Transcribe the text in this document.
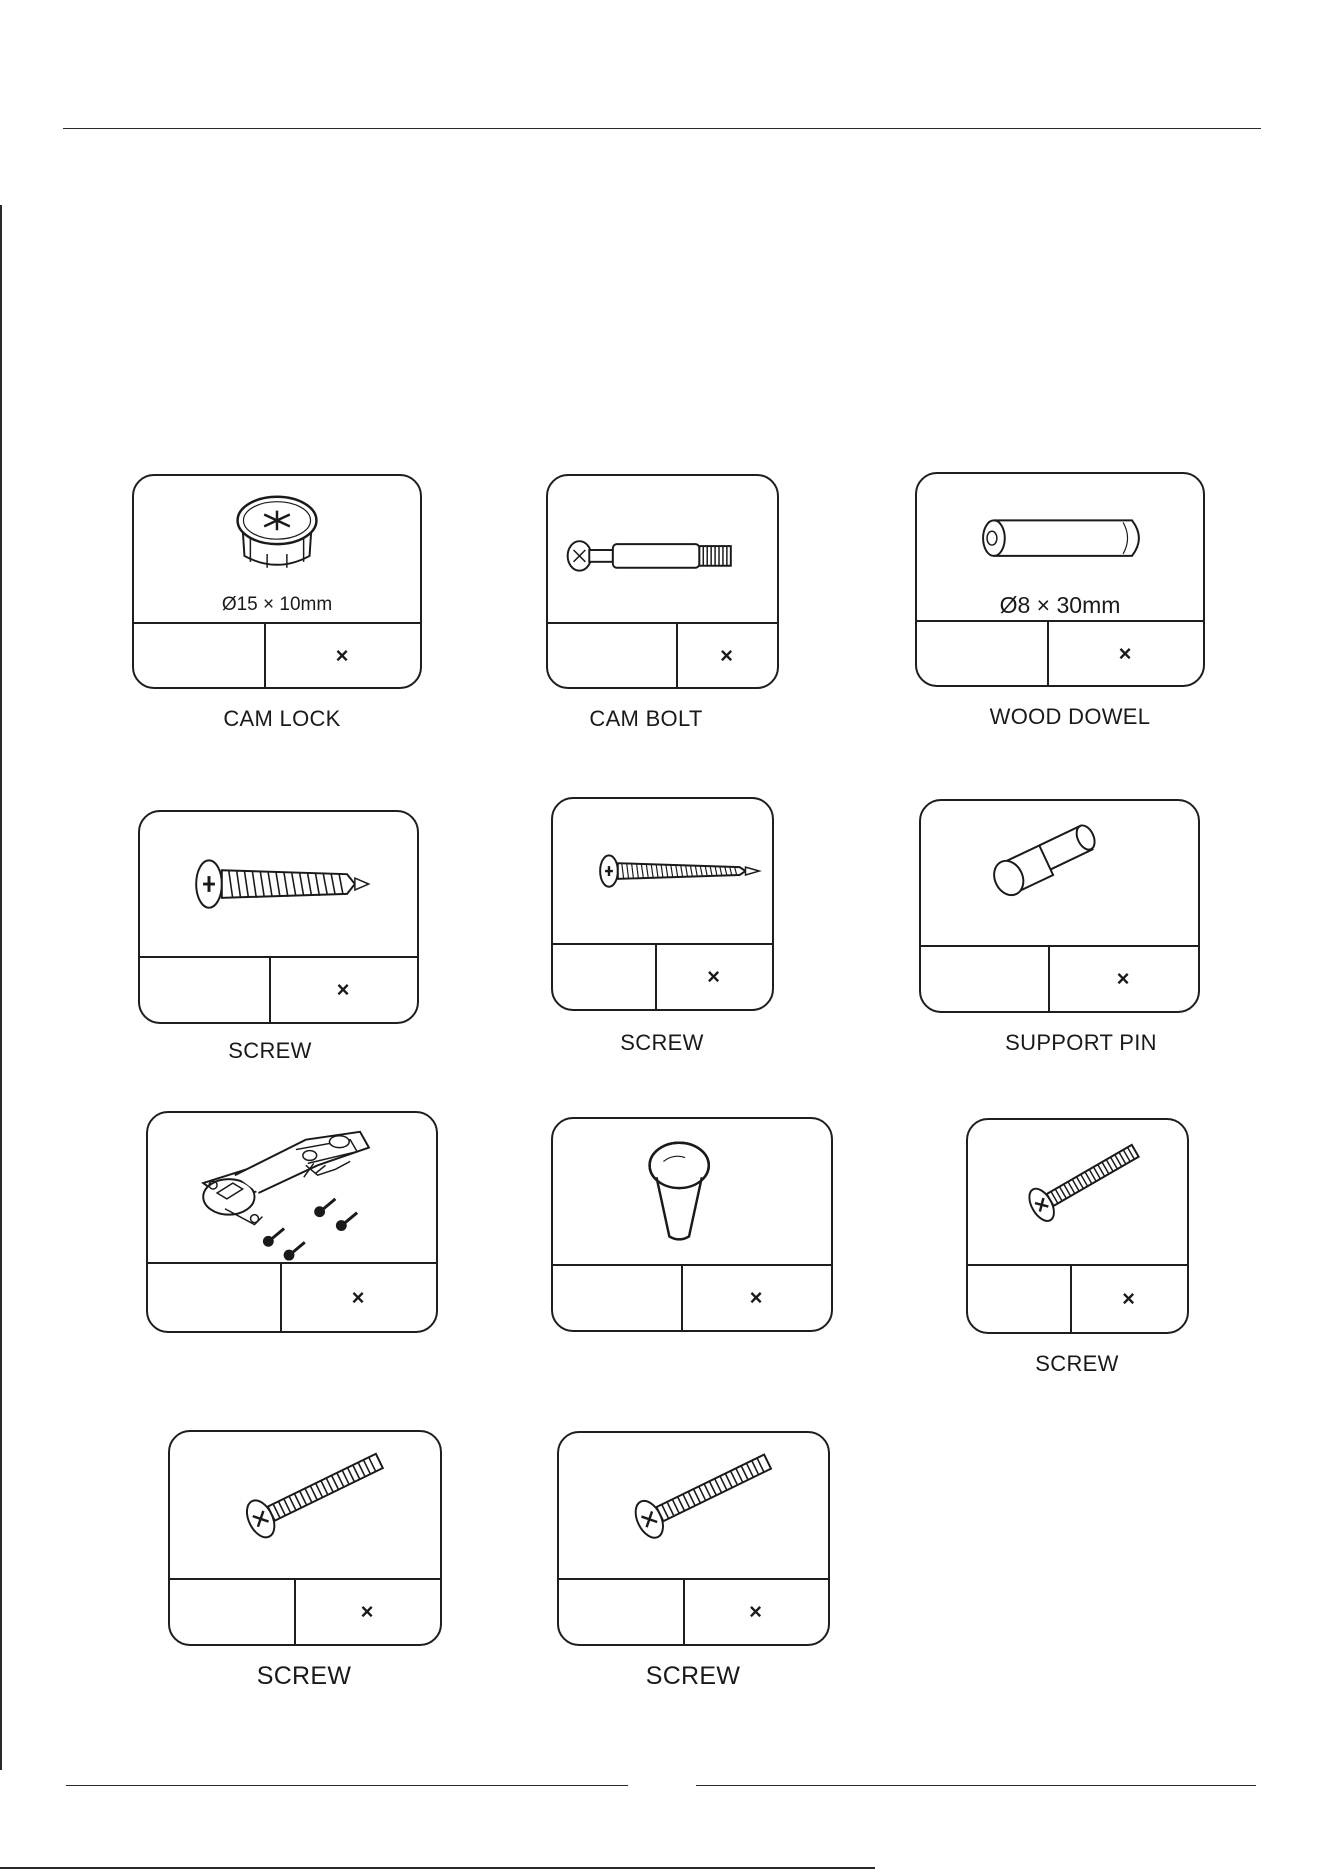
Ø15 × 10mm
×
CAM LOCK
×
CAM BOLT
Ø8 × 30mm
×
WOOD DOWEL
×
SCREW
×
SCREW
×
SUPPORT PIN
×	×	×
SCREW
×
SCREW
×
SCREW
